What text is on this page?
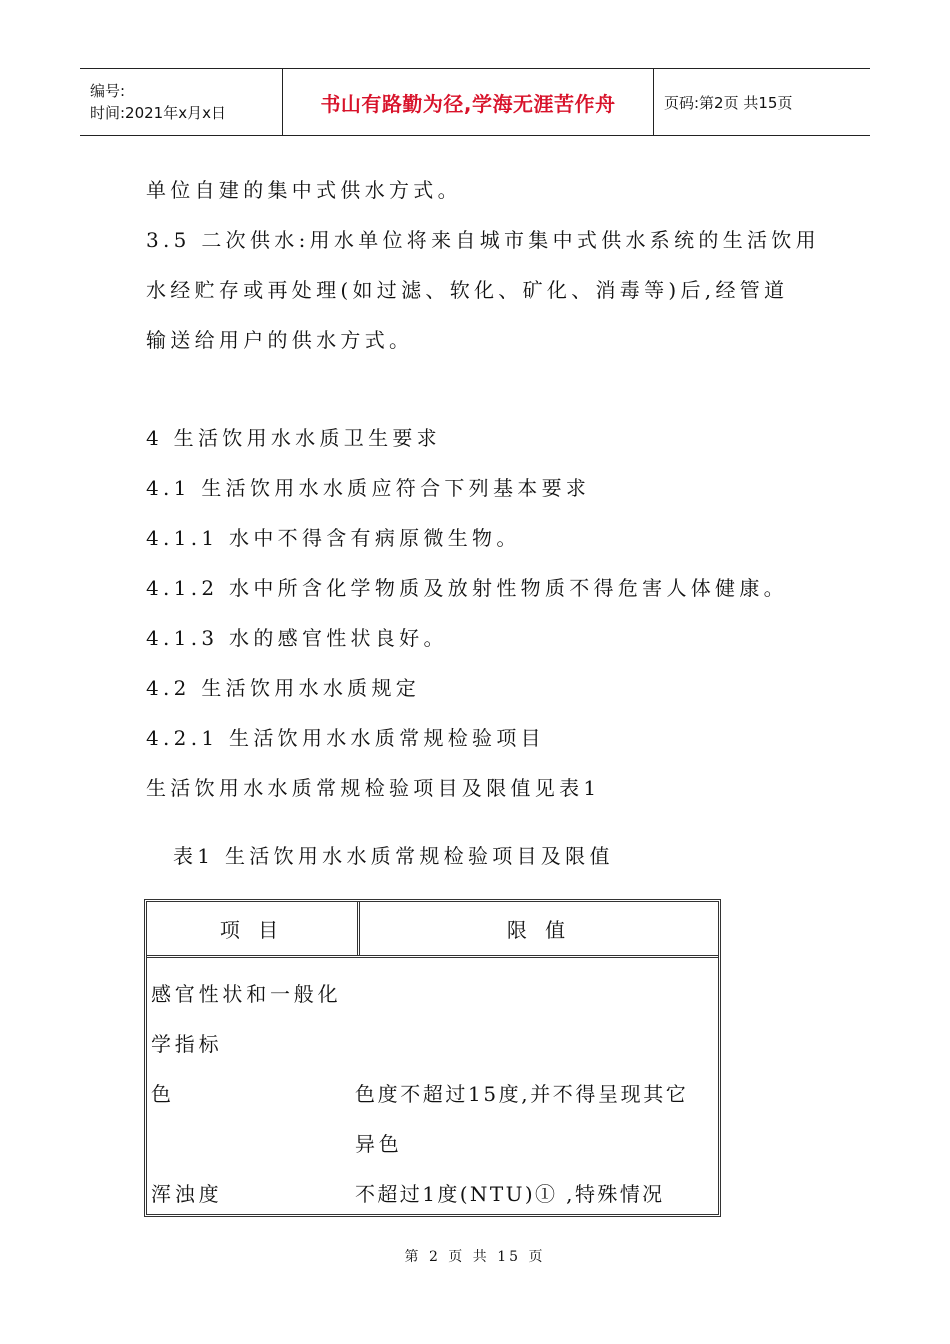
编号:
时间:2021年x月x日	书山有路勤为径,学海无涯苦作舟	页码:第2页 共15页
单位自建的集中式供水方式。
3.5 二次供水:用水单位将来自城市集中式供水系统的生活饮用
水经贮存或再处理(如过滤、软化、矿化、消毒等)后,经管道
输送给用户的供水方式。
4 生活饮用水水质卫生要求
4.1 生活饮用水水质应符合下列基本要求
4.1.1 水中不得含有病原微生物。
4.1.2 水中所含化学物质及放射性物质不得危害人体健康。
4.1.3 水的感官性状良好。
4.2 生活饮用水水质规定
4.2.1 生活饮用水水质常规检验项目
生活饮用水水质常规检验项目及限值见表1
表1 生活饮用水水质常规检验项目及限值
项 目	限 值
感官性状和一般化
学指标
色	色度不超过15度,并不得呈现其它
异色
浑浊度	不超过1度(NTU)① ,特殊情况
第 2 页 共 15 页
